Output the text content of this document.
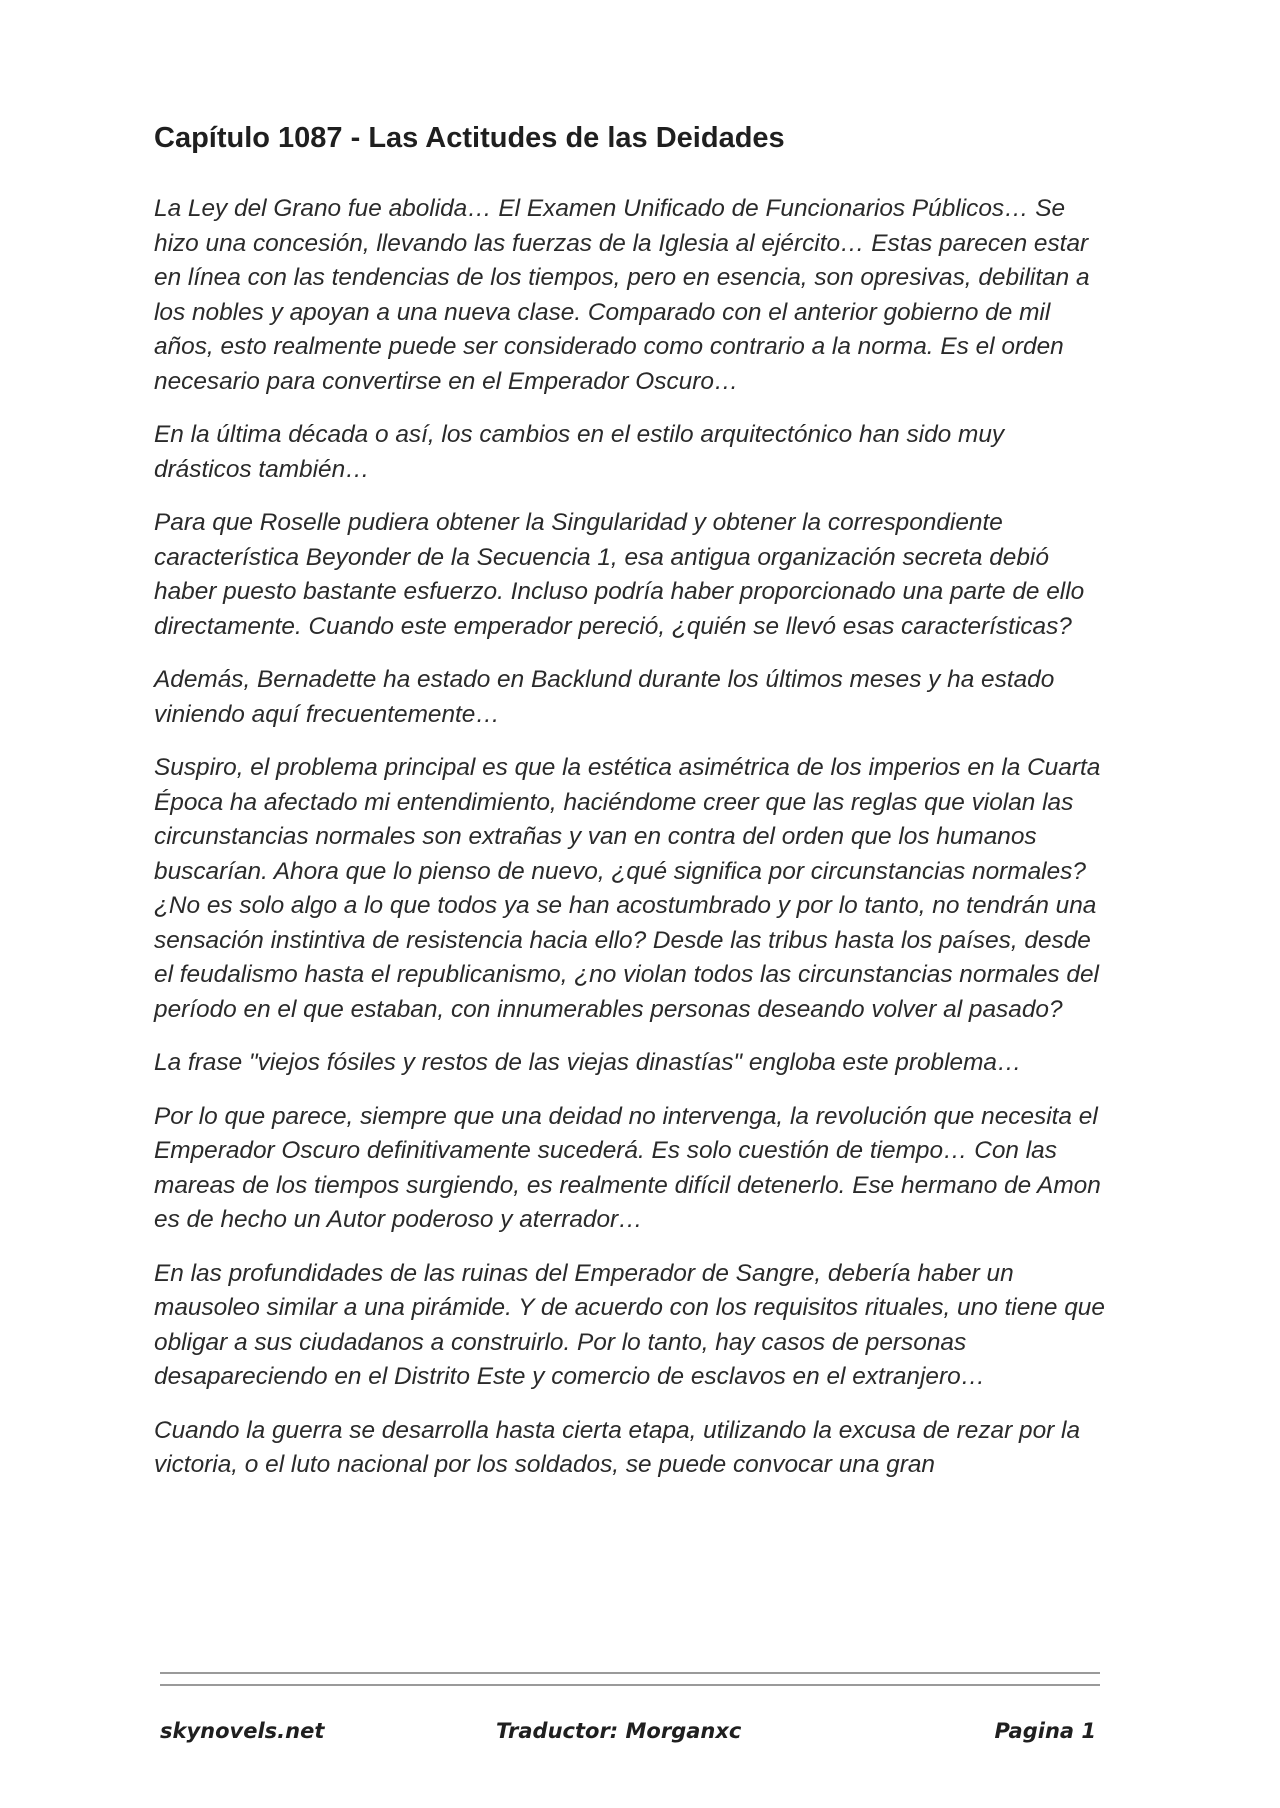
Capítulo 1087 - Las Actitudes de las Deidades

La Ley del Grano fue abolida… El Examen Unificado de Funcionarios Públicos… Se hizo una concesión, llevando las fuerzas de la Iglesia al ejército… Estas parecen estar en línea con las tendencias de los tiempos, pero en esencia, son opresivas, debilitan a los nobles y apoyan a una nueva clase. Comparado con el anterior gobierno de mil años, esto realmente puede ser considerado como contrario a la norma. Es el orden necesario para convertirse en el Emperador Oscuro…

En la última década o así, los cambios en el estilo arquitectónico han sido muy drásticos también…

Para que Roselle pudiera obtener la Singularidad y obtener la correspondiente característica Beyonder de la Secuencia 1, esa antigua organización secreta debió haber puesto bastante esfuerzo. Incluso podría haber proporcionado una parte de ello directamente. Cuando este emperador pereció, ¿quién se llevó esas características?

Además, Bernadette ha estado en Backlund durante los últimos meses y ha estado viniendo aquí frecuentemente…

Suspiro, el problema principal es que la estética asimétrica de los imperios en la Cuarta Época ha afectado mi entendimiento, haciéndome creer que las reglas que violan las circunstancias normales son extrañas y van en contra del orden que los humanos buscarían. Ahora que lo pienso de nuevo, ¿qué significa por circunstancias normales? ¿No es solo algo a lo que todos ya se han acostumbrado y por lo tanto, no tendrán una sensación instintiva de resistencia hacia ello? Desde las tribus hasta los países, desde el feudalismo hasta el republicanismo, ¿no violan todos las circunstancias normales del período en el que estaban, con innumerables personas deseando volver al pasado?

La frase "viejos fósiles y restos de las viejas dinastías" engloba este problema…

Por lo que parece, siempre que una deidad no intervenga, la revolución que necesita el Emperador Oscuro definitivamente sucederá. Es solo cuestión de tiempo… Con las mareas de los tiempos surgiendo, es realmente difícil detenerlo. Ese hermano de Amon es de hecho un Autor poderoso y aterrador…

En las profundidades de las ruinas del Emperador de Sangre, debería haber un mausoleo similar a una pirámide. Y de acuerdo con los requisitos rituales, uno tiene que obligar a sus ciudadanos a construirlo. Por lo tanto, hay casos de personas desapareciendo en el Distrito Este y comercio de esclavos en el extranjero…

Cuando la guerra se desarrolla hasta cierta etapa, utilizando la excusa de rezar por la victoria, o el luto nacional por los soldados, se puede convocar una gran

skynovels.net	Traductor: Morganxc	Pagina 1
